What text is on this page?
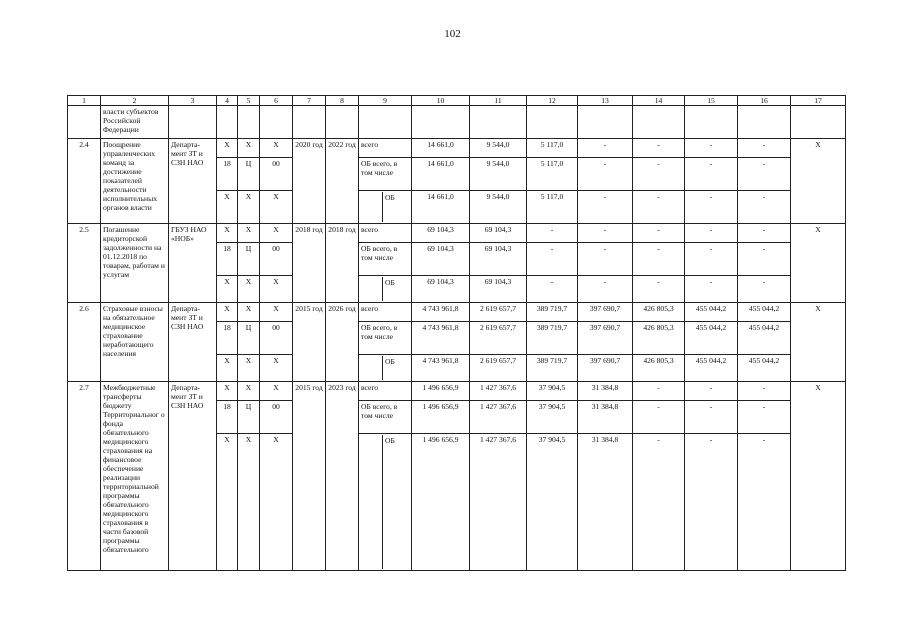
102
1	2	3	4	5	6	7	8	9	10	11	12	13	14	15	16	17
	власти субъектов Российской Федерации															
2.4	Поощрение управленческих команд за достижение показателей деятельности исполнительных органов власти	Департа-мент ЗТ и СЗН НАО	X	X	X	2020 год	2022 год	всего	14 661,0	9 544,0	5 117,0	-	-	-	-	X
			18	Ц	00			ОБ всего, в том числе	14 661,0	9 544,0	5 117,0	-	-	-	-	
			X	X	X			ОБ	14 661,0	9 544,0	5 117,0	-	-	-	-	
2.5	Погашение кредиторской задолженности на 01.12.2018 по товарам, работам и услугам	ГБУЗ НАО «НОБ»	X	X	X	2018 год	2018 год	всего	69 104,3	69 104,3	-	-	-	-	-	X
			18	Ц	00			ОБ всего, в том числе	69 104,3	69 104,3	-	-	-	-	-	
			X	X	X			ОБ	69 104,3	69 104,3	-	-	-	-	-	
2.6	Страховые взносы на обязательное медицинское страхование неработающего населения	Департа-мент ЗТ и СЗН НАО	X	X	X	2015 год	2026 год	всего	4 743 961,8	2 619 657,7	389 719,7	397 690,7	426 805,3	455 044,2	455 044,2	X
			18	Ц	00			ОБ всего, в том числе	4 743 961,8	2 619 657,7	389 719,7	397 690,7	426 805,3	455 044,2	455 044,2	
			X	X	X			ОБ	4 743 961,8	2 619 657,7	389 719,7	397 690,7	426 805,3	455 044,2	455 044,2	
2.7	Межбюджетные трансферты бюджету Территориальног о фонда обязательного медицинского страхования на финансовое обеспечение реализации территориальной программы обязательного медицинского страхования в части базовой программы обязательного	Департа-мент ЗТ и СЗН НАО	X	X	X	2015 год	2023 год	всего	1 496 656,9	1 427 367,6	37 904,5	31 384,8	-	-	-	X
			18	Ц	00			ОБ всего, в том числе	1 496 656,9	1 427 367,6	37 904,5	31 384,8	-	-	-	
			X	X	X			ОБ	1 496 656,9	1 427 367,6	37 904,5	31 384,8	-	-	-	
